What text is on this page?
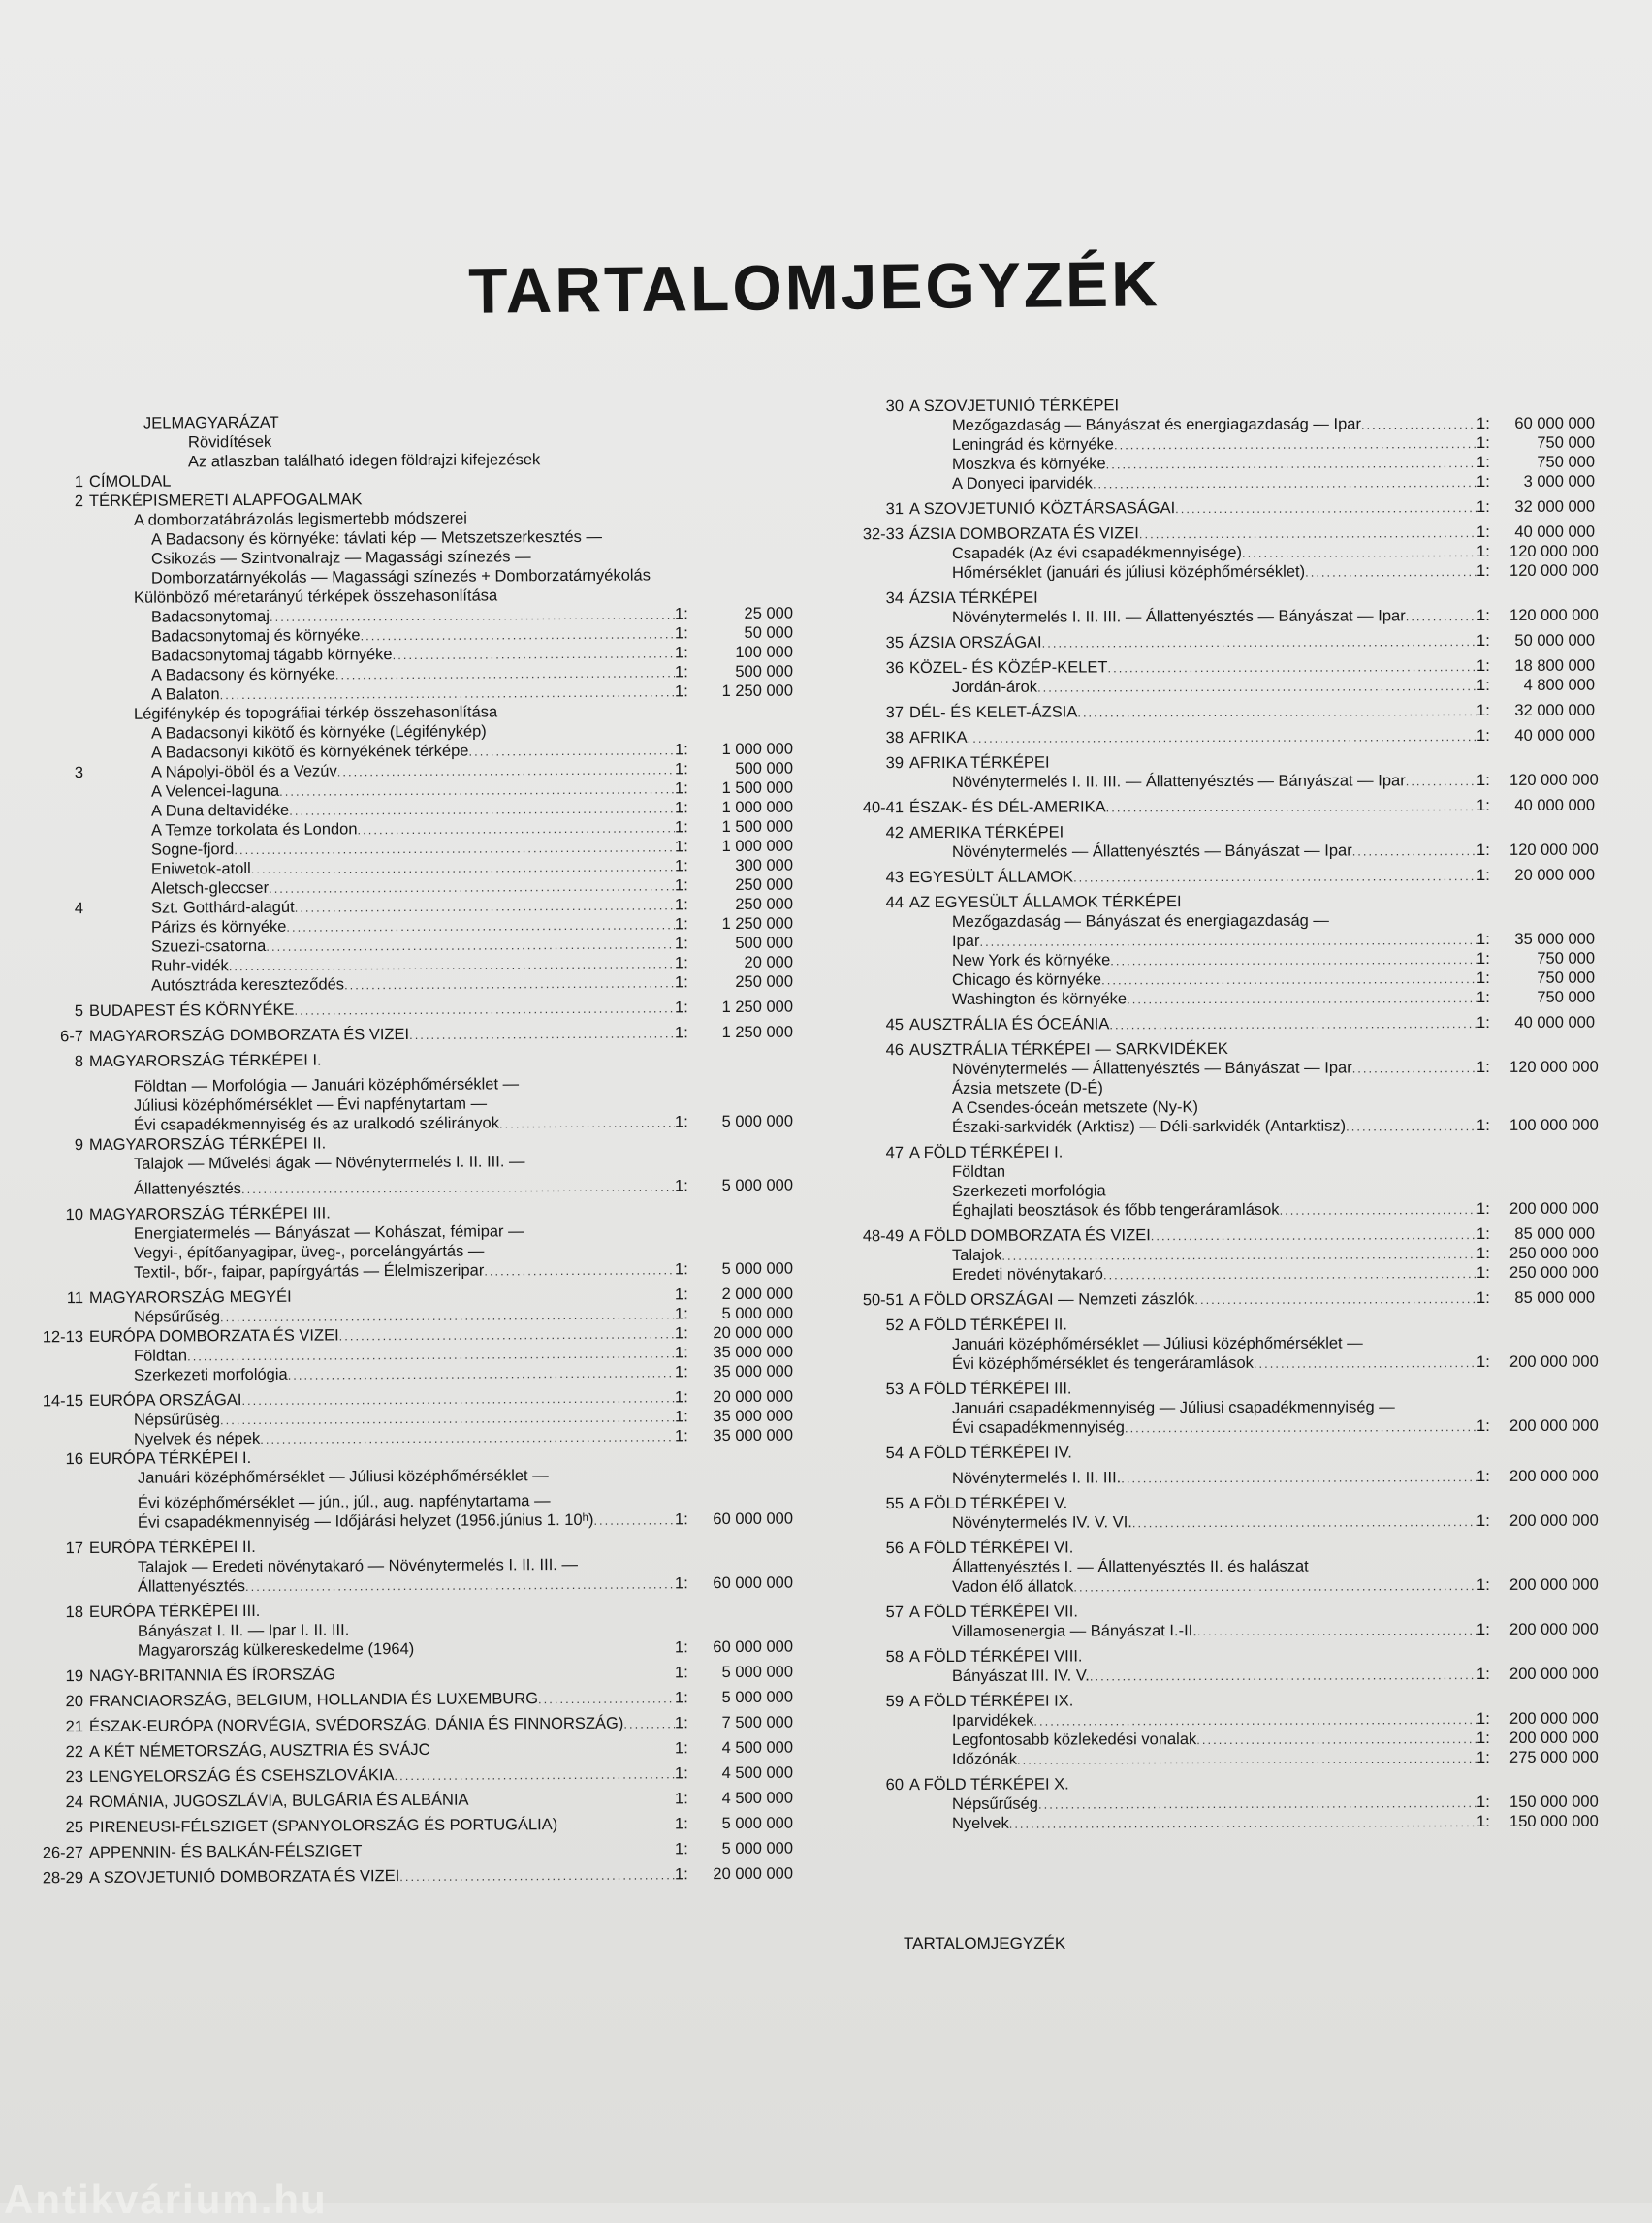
TARTALOMJEGYZÉK
JELMAGYARÁZAT
Rövidítések
Az atlaszban található idegen földrajzi kifejezések
1 CÍMOLDAL
2 TÉRKÉPISMERETI ALAPFOGALMAK
A domborzatábrázolás legismertebb módszerei
A Badacsony és környéke: távlati kép — Metszetszerkesztés —
Csikozás — Szintvonalrajz — Magassági színezés —
Domborzatárnyékolás — Magassági színezés + Domborzatárnyékolás
Különböző méretarányú térképek összehasonlítása
Badacsonytomaj .....	1:	25 000
Badacsonytomaj és környéke .....	1:	50 000
Badacsonytomaj tágabb környéke .....	1:	100 000
A Badacsony és környéke .....	1:	500 000
A Balaton .....	1:	1 250 000
Légifénykép és topográfiai térkép összehasonlítása
A Badacsonyi kikötő és környéke (Légifénykép)
A Badacsonyi kikötő és környékének térképe .....	1:	1 000 000
3	A Nápolyi-öböl és a Vezúv .....	1:	500 000
A Velencei-laguna .....	1:	1 500 000
A Duna deltavidéke .....	1:	1 000 000
A Temze torkolata és London .....	1:	1 500 000
Sogne-fjord .....	1:	1 000 000
Eniwetok-atoll .....	1:	300 000
Aletsch-gleccser .....	1:	250 000
4	Szt. Gotthárd-alagút .....	1:	250 000
Párizs és környéke .....	1:	1 250 000
Szuezi-csatorna .....	1:	500 000
Ruhr-vidék .....	1:	20 000
Autósztráda kereszteződés .....	1:	250 000
5 BUDAPEST ÉS KÖRNYÉKE .....	1:	1 250 000
6-7 MAGYARORSZÁG DOMBORZATA ÉS VIZEI .....	1:	1 250 000
8 MAGYARORSZÁG TÉRKÉPEI I.
Földtan — Morfológia — Januári középhőmérséklet —
Júliusi középhőmérséklet — Évi napfénytartam —
Évi csapadékmennyiség és az uralkodó szélirányok .....	1:	5 000 000
9 MAGYARORSZÁG TÉRKÉPEI II.
Talajok — Művelési ágak — Növénytermelés I. II. III. —
Állattenyésztés .....	1:	5 000 000
10 MAGYARORSZÁG TÉRKÉPEI III.
Energiatermelés — Bányászat — Kohászat, fémipar —
Vegyi-, építőanyagipar, üveg-, porcelángyártás —
Textil-, bőr-, faipar, papírgyártás — Élelmiszeripar .....	1:	5 000 000
11 MAGYARORSZÁG MEGYÉI	1:	2 000 000
Népsűrűség .....	1:	5 000 000
12-13 EURÓPA DOMBORZATA ÉS VIZEI .....	1:	20 000 000
Földtan .....	1:	35 000 000
Szerkezeti morfológia .....	1:	35 000 000
14-15 EURÓPA ORSZÁGAI .....	1:	20 000 000
Népsűrűség .....	1:	35 000 000
Nyelvek és népek .....	1:	35 000 000
16 EURÓPA TÉRKÉPEI I.
Januári középhőmérséklet — Júliusi középhőmérséklet —
Évi középhőmérséklet — jún., júl., aug. napfénytartama —
Évi csapadékmennyiség — Időjárási helyzet (1956.június 1. 10ʰ) .....	1:	60 000 000
17 EURÓPA TÉRKÉPEI II.
Talajok — Eredeti növénytakaró — Növénytermelés I. II. III. —
Állattenyésztés .....	1:	60 000 000
18 EURÓPA TÉRKÉPEI III.
Bányászat I. II. — Ipar I. II. III.
Magyarország külkereskedelme (1964)	1:	60 000 000
19 NAGY-BRITANNIA ÉS ÍRORSZÁG	1:	5 000 000
20 FRANCIAORSZÁG, BELGIUM, HOLLANDIA ÉS LUXEMBURG .....	1:	5 000 000
21 ÉSZAK-EURÓPA (NORVÉGIA, SVÉDORSZÁG, DÁNIA ÉS FINNORSZÁG) .....	1:	7 500 000
22 A KÉT NÉMETORSZÁG, AUSZTRIA ÉS SVÁJC	1:	4 500 000
23 LENGYELORSZÁG ÉS CSEHSZLOVÁKIA .....	1:	4 500 000
24 ROMÁNIA, JUGOSZLÁVIA, BULGÁRIA ÉS ALBÁNIA	1:	4 500 000
25 PIRENEUSI-FÉLSZIGET (SPANYOLORSZÁG ÉS PORTUGÁLIA)	1:	5 000 000
26-27 APPENNIN- ÉS BALKÁN-FÉLSZIGET	1:	5 000 000
28-29 A SZOVJETUNIÓ DOMBORZATA ÉS VIZEI .....	1:	20 000 000
30 A SZOVJETUNIÓ TÉRKÉPEI
Mezőgazdaság — Bányászat és energiagazdaság — Ipar .....	1:	60 000 000
Leningrád és környéke .....	1:	750 000
Moszkva és környéke .....	1:	750 000
A Donyeci iparvidék .....	1:	3 000 000
31 A SZOVJETUNIÓ KÖZTÁRSASÁGAI .....	1:	32 000 000
32-33 ÁZSIA DOMBORZATA ÉS VIZEI .....	1:	40 000 000
Csapadék (Az évi csapadékmennyisége) .....	1:	120 000 000
Hőmérséklet (januári és júliusi középhőmérséklet) .....	1:	120 000 000
34 ÁZSIA TÉRKÉPEI
Növénytermelés I. II. III. — Állattenyésztés — Bányászat — Ipar .....	1:	120 000 000
35 ÁZSIA ORSZÁGAI .....	1:	50 000 000
36 KÖZEL- ÉS KÖZÉP-KELET .....	1:	18 800 000
Jordán-árok .....	1:	4 800 000
37 DÉL- ÉS KELET-ÁZSIA .....	1:	32 000 000
38 AFRIKA .....	1:	40 000 000
39 AFRIKA TÉRKÉPEI
Növénytermelés I. II. III. — Állattenyésztés — Bányászat — Ipar .....	1:	120 000 000
40-41 ÉSZAK- ÉS DÉL-AMERIKA .....	1:	40 000 000
42 AMERIKA TÉRKÉPEI
Növénytermelés — Állattenyésztés — Bányászat — Ipar .....	1:	120 000 000
43 EGYESÜLT ÁLLAMOK .....	1:	20 000 000
44 AZ EGYESÜLT ÁLLAMOK TÉRKÉPEI
Mezőgazdaság — Bányászat és energiagazdaság —
Ipar .....	1:	35 000 000
New York és környéke .....	1:	750 000
Chicago és környéke .....	1:	750 000
Washington és környéke .....	1:	750 000
45 AUSZTRÁLIA ÉS ÓCEÁNIA .....	1:	40 000 000
46 AUSZTRÁLIA TÉRKÉPEI — SARKVIDÉKEK
Növénytermelés — Állattenyésztés — Bányászat — Ipar .....	1:	120 000 000
Ázsia metszete (D-É)
A Csendes-óceán metszete (Ny-K)
Északi-sarkvidék (Arktisz) — Déli-sarkvidék (Antarktisz) .....	1:	100 000 000
47 A FÖLD TÉRKÉPEI I.
Földtan
Szerkezeti morfológia
Éghajlati beosztások és főbb tengeráramlások .....	1:	200 000 000
48-49 A FÖLD DOMBORZATA ÉS VIZEI .....	1:	85 000 000
Talajok .....	1:	250 000 000
Eredeti növénytakaró .....	1:	250 000 000
50-51 A FÖLD ORSZÁGAI — Nemzeti zászlók .....	1:	85 000 000
52 A FÖLD TÉRKÉPEI II.
Januári középhőmérséklet — Júliusi középhőmérséklet —
Évi középhőmérséklet és tengeráramlások .....	1:	200 000 000
53 A FÖLD TÉRKÉPEI III.
Januári csapadékmennyiség — Júliusi csapadékmennyiség —
Évi csapadékmennyiség .....	1:	200 000 000
54 A FÖLD TÉRKÉPEI IV.
Növénytermelés I. II. III. .....	1:	200 000 000
55 A FÖLD TÉRKÉPEI V.
Növénytermelés IV. V. VI. .....	1:	200 000 000
56 A FÖLD TÉRKÉPEI VI.
Állattenyésztés I. — Állattenyésztés II. és halászat
Vadon élő állatok .....	1:	200 000 000
57 A FÖLD TÉRKÉPEI VII.
Villamosenergia — Bányászat I.-II. .....	1:	200 000 000
58 A FÖLD TÉRKÉPEI VIII.
Bányászat III. IV. V. .....	1:	200 000 000
59 A FÖLD TÉRKÉPEI IX.
Iparvidékek .....	1:	200 000 000
Legfontosabb közlekedési vonalak .....	1:	200 000 000
Időzónák .....	1:	275 000 000
60 A FÖLD TÉRKÉPEI X.
Népsűrűség .....	1:	150 000 000
Nyelvek .....	1:	150 000 000
TARTALOMJEGYZÉK
Antikvárium.hu
